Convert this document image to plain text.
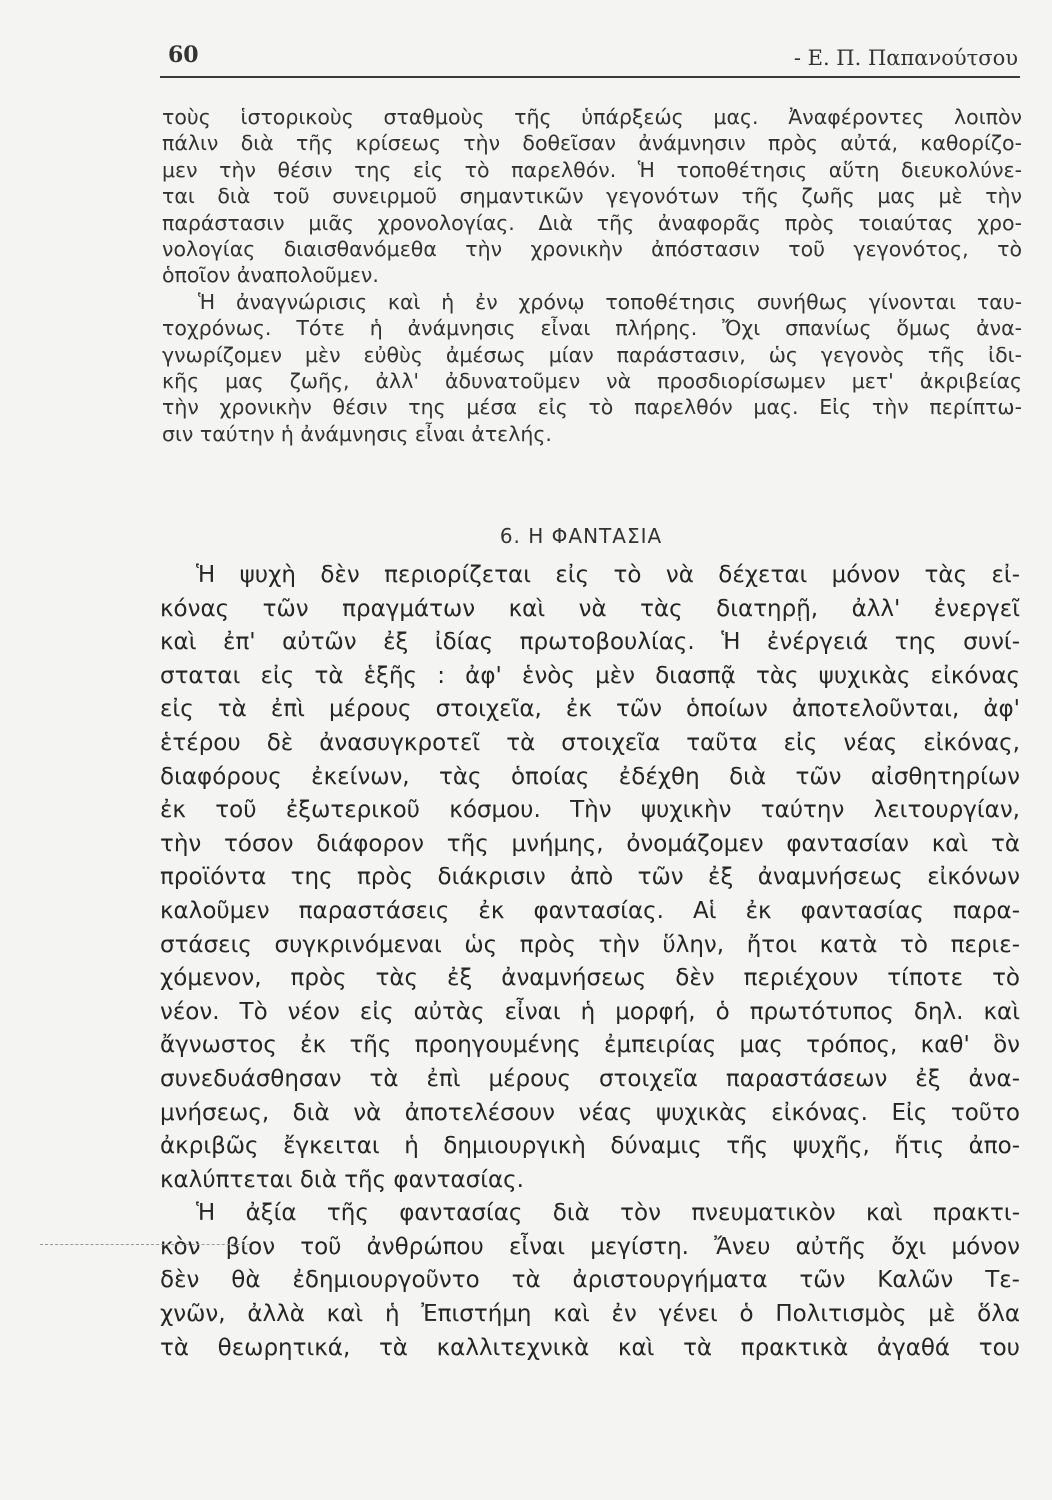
60	- Ε. Π. Παπανούτσου
τοὺς ἱστορικοὺς σταθμοὺς τῆς ὑπάρξεώς μας. Ἀναφέροντες λοιπὸν
πάλιν διὰ τῆς κρίσεως τὴν δοθεῖσαν ἀνάμνησιν πρὸς αὐτά, καθορίζο-
μεν τὴν θέσιν της εἰς τὸ παρελθόν. Ἡ τοποθέτησις αὕτη διευκολύνε-
ται διὰ τοῦ συνειρμοῦ σημαντικῶν γεγονότων τῆς ζωῆς μας μὲ τὴν
παράστασιν μιᾶς χρονολογίας. Διὰ τῆς ἀναφορᾶς πρὸς τοιαύτας χρο-
νολογίας διαισθανόμεθα τὴν χρονικὴν ἀπόστασιν τοῦ γεγονότος, τὸ
ὁποῖον ἀναπολοῦμεν.
Ἡ ἀναγνώρισις καὶ ἡ ἐν χρόνῳ τοποθέτησις συνήθως γίνονται ταυ-
τοχρόνως. Τότε ἡ ἀνάμνησις εἶναι πλήρης. Ὄχι σπανίως ὅμως ἀνα-
γνωρίζομεν μὲν εὐθὺς ἀμέσως μίαν παράστασιν, ὡς γεγονὸς τῆς ἰδι-
κῆς μας ζωῆς, ἀλλ' ἀδυνατοῦμεν νὰ προσδιορίσωμεν μετ' ἀκριβείας
τὴν χρονικὴν θέσιν της μέσα εἰς τὸ παρελθόν μας. Εἰς τὴν περίπτω-
σιν ταύτην ἡ ἀνάμνησις εἶναι ἀτελής.
6. Η ΦΑΝΤΑΣΙΑ
Ἡ ψυχὴ δὲν περιορίζεται εἰς τὸ νὰ δέχεται μόνον τὰς εἰ-
κόνας τῶν πραγμάτων καὶ νὰ τὰς διατηρῇ, ἀλλ' ἐνεργεῖ
καὶ ἐπ' αὐτῶν ἐξ ἰδίας πρωτοβουλίας. Ἡ ἐνέργειά της συνί-
σταται εἰς τὰ ἑξῆς : ἀφ' ἑνὸς μὲν διασπᾷ τὰς ψυχικὰς εἰκόνας
εἰς τὰ ἐπὶ μέρους στοιχεῖα, ἐκ τῶν ὁποίων ἀποτελοῦνται, ἀφ'
ἑτέρου δὲ ἀνασυγκροτεῖ τὰ στοιχεῖα ταῦτα εἰς νέας εἰκόνας,
διαφόρους ἐκείνων, τὰς ὁποίας ἐδέχθη διὰ τῶν αἰσθητηρίων
ἐκ τοῦ ἐξωτερικοῦ κόσμου. Τὴν ψυχικὴν ταύτην λειτουργίαν,
τὴν τόσον διάφορον τῆς μνήμης, ὀνομάζομεν φαντασίαν καὶ τὰ
προϊόντα της πρὸς διάκρισιν ἀπὸ τῶν ἐξ ἀναμνήσεως εἰκόνων
καλοῦμεν παραστάσεις ἐκ φαντασίας. Αἱ ἐκ φαντασίας παρα-
στάσεις συγκρινόμεναι ὡς πρὸς τὴν ὕλην, ἤτοι κατὰ τὸ περιε-
χόμενον, πρὸς τὰς ἐξ ἀναμνήσεως δὲν περιέχουν τίποτε τὸ
νέον. Τὸ νέον εἰς αὐτὰς εἶναι ἡ μορφή, ὁ πρωτότυπος δηλ. καὶ
ἄγνωστος ἐκ τῆς προηγουμένης ἐμπειρίας μας τρόπος, καθ' ὃν
συνεδυάσθησαν τὰ ἐπὶ μέρους στοιχεῖα παραστάσεων ἐξ ἀνα-
μνήσεως, διὰ νὰ ἀποτελέσουν νέας ψυχικὰς εἰκόνας. Εἰς τοῦτο
ἀκριβῶς ἔγκειται ἡ δημιουργικὴ δύναμις τῆς ψυχῆς, ἥτις ἀπο-
καλύπτεται διὰ τῆς φαντασίας.
Ἡ ἀξία τῆς φαντασίας διὰ τὸν πνευματικὸν καὶ πρακτι-
κὸν βίον τοῦ ἀνθρώπου εἶναι μεγίστη. Ἄνευ αὐτῆς ὄχι μόνον
δὲν θὰ ἐδημιουργοῦντο τὰ ἀριστουργήματα τῶν Καλῶν Τε-
χνῶν, ἀλλὰ καὶ ἡ Ἐπιστήμη καὶ ἐν γένει ὁ Πολιτισμὸς μὲ ὅλα
τὰ θεωρητικά, τὰ καλλιτεχνικὰ καὶ τὰ πρακτικὰ ἀγαθά του
